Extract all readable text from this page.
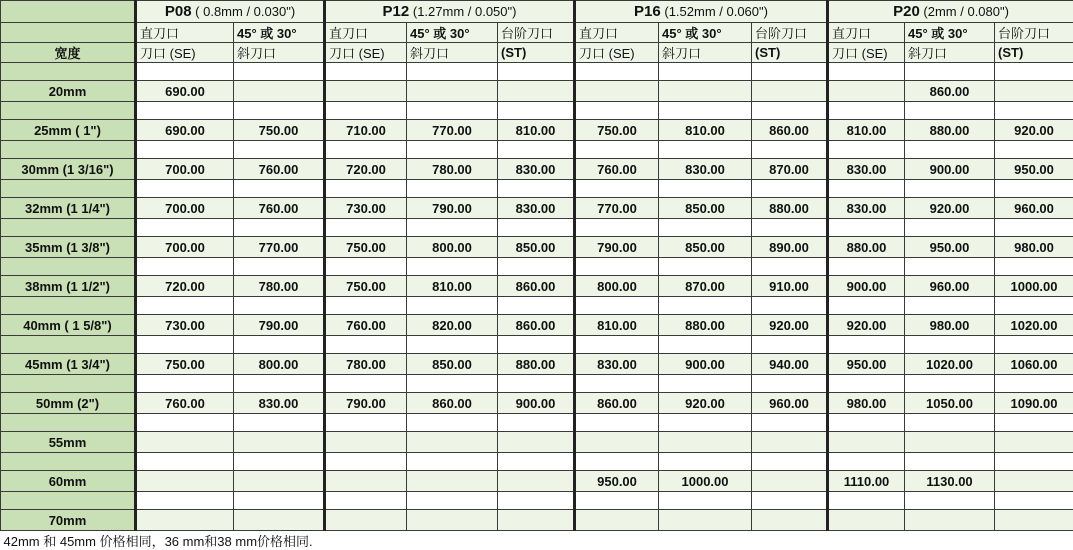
	P08 ( 0.8mm / 0.030")		P12 (1.27mm / 0.050")			P16 (1.52mm / 0.060")			P20 (2mm / 0.080")		
	直刀口	45° 或 30°	直刀口	45° 或 30°	台阶刀口	直刀口	45° 或 30°	台阶刀口	直刀口	45° 或 30°	台阶刀口
宽度	刀口 (SE)	斜刀口	刀口 (SE)	斜刀口	(ST)	刀口 (SE)	斜刀口	(ST)	刀口 (SE)	斜刀口	(ST)

20mm	690.00									860.00	

25mm ( 1")	690.00	750.00	710.00	770.00	810.00	750.00	810.00	860.00	810.00	880.00	920.00

30mm (1 3/16")	700.00	760.00	720.00	780.00	830.00	760.00	830.00	870.00	830.00	900.00	950.00

32mm (1 1/4")	700.00	760.00	730.00	790.00	830.00	770.00	850.00	880.00	830.00	920.00	960.00

35mm (1 3/8")	700.00	770.00	750.00	800.00	850.00	790.00	850.00	890.00	880.00	950.00	980.00

38mm (1 1/2")	720.00	780.00	750.00	810.00	860.00	800.00	870.00	910.00	900.00	960.00	1000.00

40mm ( 1 5/8")	730.00	790.00	760.00	820.00	860.00	810.00	880.00	920.00	920.00	980.00	1020.00

45mm (1 3/4")	750.00	800.00	780.00	850.00	880.00	830.00	900.00	940.00	950.00	1020.00	1060.00

50mm (2")	760.00	830.00	790.00	860.00	900.00	860.00	920.00	960.00	980.00	1050.00	1090.00

55mm											

60mm						950.00	1000.00		1110.00	1130.00	

70mm											
42mm 和 45mm 价格相同，36 mm和38 mm价格相同.											
